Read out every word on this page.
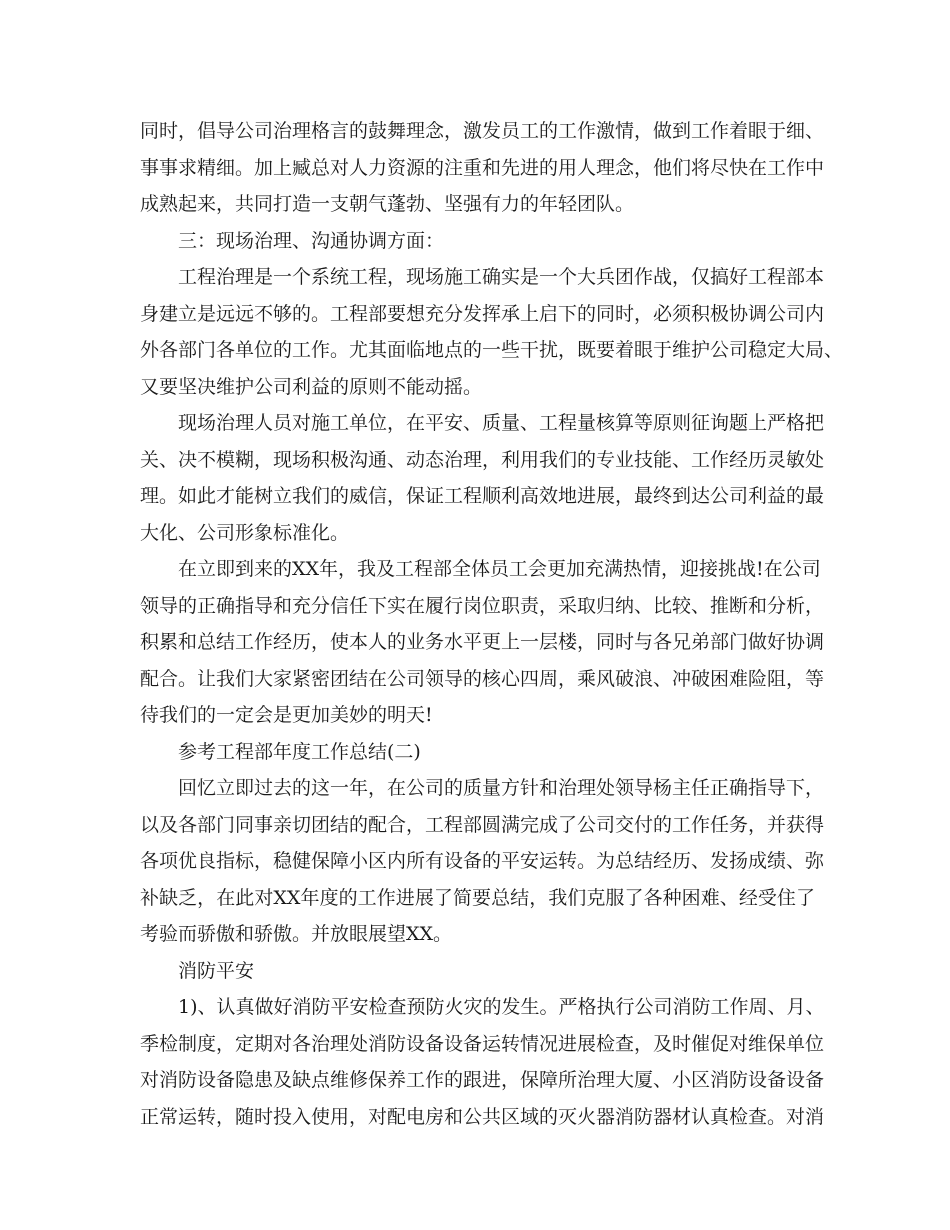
同时，倡导公司治理格言的鼓舞理念，激发员工的工作激情，做到工作着眼于细、
事事求精细。加上臧总对人力资源的注重和先进的用人理念，他们将尽快在工作中
成熟起来，共同打造一支朝气蓬勃、坚强有力的年轻团队。
三：现场治理、沟通协调方面：
工程治理是一个系统工程，现场施工确实是一个大兵团作战，仅搞好工程部本
身建立是远远不够的。工程部要想充分发挥承上启下的同时，必须积极协调公司内
外各部门各单位的工作。尤其面临地点的一些干扰，既要着眼于维护公司稳定大局、
又要坚决维护公司利益的原则不能动摇。
现场治理人员对施工单位，在平安、质量、工程量核算等原则征询题上严格把
关、决不模糊，现场积极沟通、动态治理，利用我们的专业技能、工作经历灵敏处
理。如此才能树立我们的威信，保证工程顺利高效地进展，最终到达公司利益的最
大化、公司形象标准化。
在立即到来的XX年，我及工程部全体员工会更加充满热情，迎接挑战!在公司
领导的正确指导和充分信任下实在履行岗位职责，采取归纳、比较、推断和分析，
积累和总结工作经历，使本人的业务水平更上一层楼，同时与各兄弟部门做好协调
配合。让我们大家紧密团结在公司领导的核心四周，乘风破浪、冲破困难险阻，等
待我们的一定会是更加美妙的明天!
参考工程部年度工作总结(二)
回忆立即过去的这一年，在公司的质量方针和治理处领导杨主任正确指导下，
以及各部门同事亲切团结的配合，工程部圆满完成了公司交付的工作任务，并获得
各项优良指标，稳健保障小区内所有设备的平安运转。为总结经历、发扬成绩、弥
补缺乏，在此对XX年度的工作进展了简要总结，我们克服了各种困难、经受住了
考验而骄傲和骄傲。并放眼展望XX。
消防平安
1)、认真做好消防平安检查预防火灾的发生。严格执行公司消防工作周、月、
季检制度，定期对各治理处消防设备设备运转情况进展检查，及时催促对维保单位
对消防设备隐患及缺点维修保养工作的跟进，保障所治理大厦、小区消防设备设备
正常运转，随时投入使用，对配电房和公共区域的灭火器消防器材认真检查。对消
